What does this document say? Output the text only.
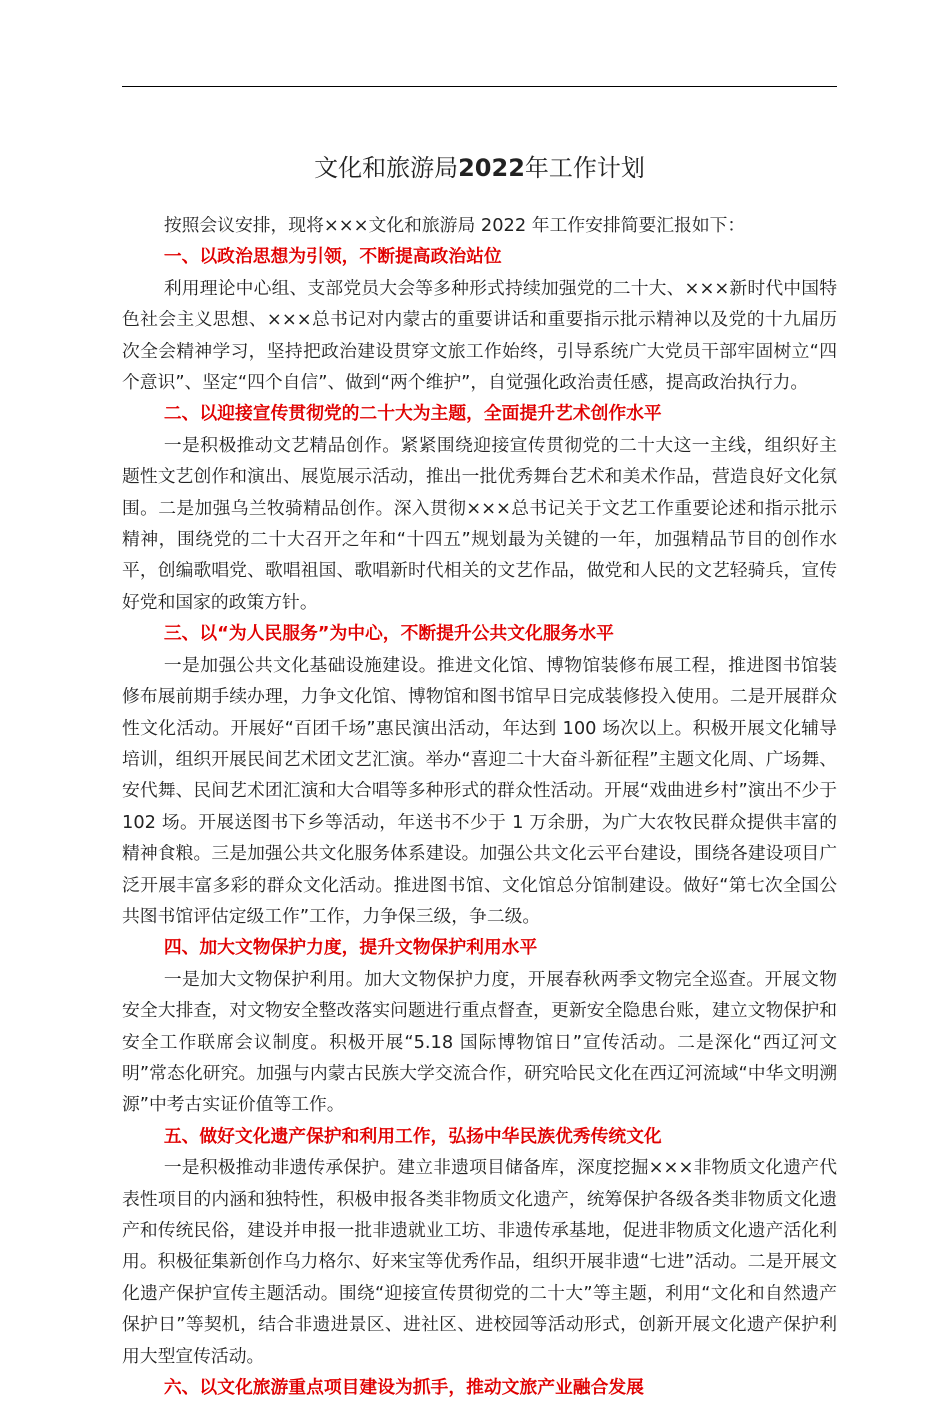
文化和旅游局2022年工作计划

按照会议安排，现将×××文化和旅游局 2022 年工作安排简要汇报如下：

一、以政治思想为引领，不断提高政治站位

利用理论中心组、支部党员大会等多种形式持续加强党的二十大、×××新时代中国特色社会主义思想、×××总书记对内蒙古的重要讲话和重要指示批示精神以及党的十九届历次全会精神学习，坚持把政治建设贯穿文旅工作始终，引导系统广大党员干部牢固树立“四个意识”、坚定“四个自信”、做到“两个维护”，自觉强化政治责任感，提高政治执行力。

二、以迎接宣传贯彻党的二十大为主题，全面提升艺术创作水平

一是积极推动文艺精品创作。紧紧围绕迎接宣传贯彻党的二十大这一主线，组织好主题性文艺创作和演出、展览展示活动，推出一批优秀舞台艺术和美术作品，营造良好文化氛围。二是加强乌兰牧骑精品创作。深入贯彻×××总书记关于文艺工作重要论述和指示批示精神，围绕党的二十大召开之年和“十四五”规划最为关键的一年，加强精品节目的创作水平，创编歌唱党、歌唱祖国、歌唱新时代相关的文艺作品，做党和人民的文艺轻骑兵，宣传好党和国家的政策方针。

三、以“为人民服务”为中心，不断提升公共文化服务水平

一是加强公共文化基础设施建设。推进文化馆、博物馆装修布展工程，推进图书馆装修布展前期手续办理，力争文化馆、博物馆和图书馆早日完成装修投入使用。二是开展群众性文化活动。开展好“百团千场”惠民演出活动，年达到 100 场次以上。积极开展文化辅导培训，组织开展民间艺术团文艺汇演。举办“喜迎二十大奋斗新征程”主题文化周、广场舞、安代舞、民间艺术团汇演和大合唱等多种形式的群众性活动。开展“戏曲进乡村”演出不少于 102 场。开展送图书下乡等活动，年送书不少于 1 万余册，为广大农牧民群众提供丰富的精神食粮。三是加强公共文化服务体系建设。加强公共文化云平台建设，围绕各建设项目广泛开展丰富多彩的群众文化活动。推进图书馆、文化馆总分馆制建设。做好“第七次全国公共图书馆评估定级工作”工作，力争保三级，争二级。

四、加大文物保护力度，提升文物保护利用水平

一是加大文物保护利用。加大文物保护力度，开展春秋两季文物完全巡查。开展文物安全大排查，对文物安全整改落实问题进行重点督查，更新安全隐患台账，建立文物保护和安全工作联席会议制度。积极开展“5.18 国际博物馆日”宣传活动。二是深化“西辽河文明”常态化研究。加强与内蒙古民族大学交流合作，研究哈民文化在西辽河流域“中华文明溯源”中考古实证价值等工作。

五、做好文化遗产保护和利用工作，弘扬中华民族优秀传统文化

一是积极推动非遗传承保护。建立非遗项目储备库，深度挖掘×××非物质文化遗产代表性项目的内涵和独特性，积极申报各类非物质文化遗产，统筹保护各级各类非物质文化遗产和传统民俗，建设并申报一批非遗就业工坊、非遗传承基地，促进非物质文化遗产活化利用。积极征集新创作乌力格尔、好来宝等优秀作品，组织开展非遗“七进”活动。二是开展文化遗产保护宣传主题活动。围绕“迎接宣传贯彻党的二十大”等主题，利用“文化和自然遗产保护日”等契机，结合非遗进景区、进社区、进校园等活动形式，创新开展文化遗产保护利用大型宣传活动。

六、以文化旅游重点项目建设为抓手，推动文旅产业融合发展
